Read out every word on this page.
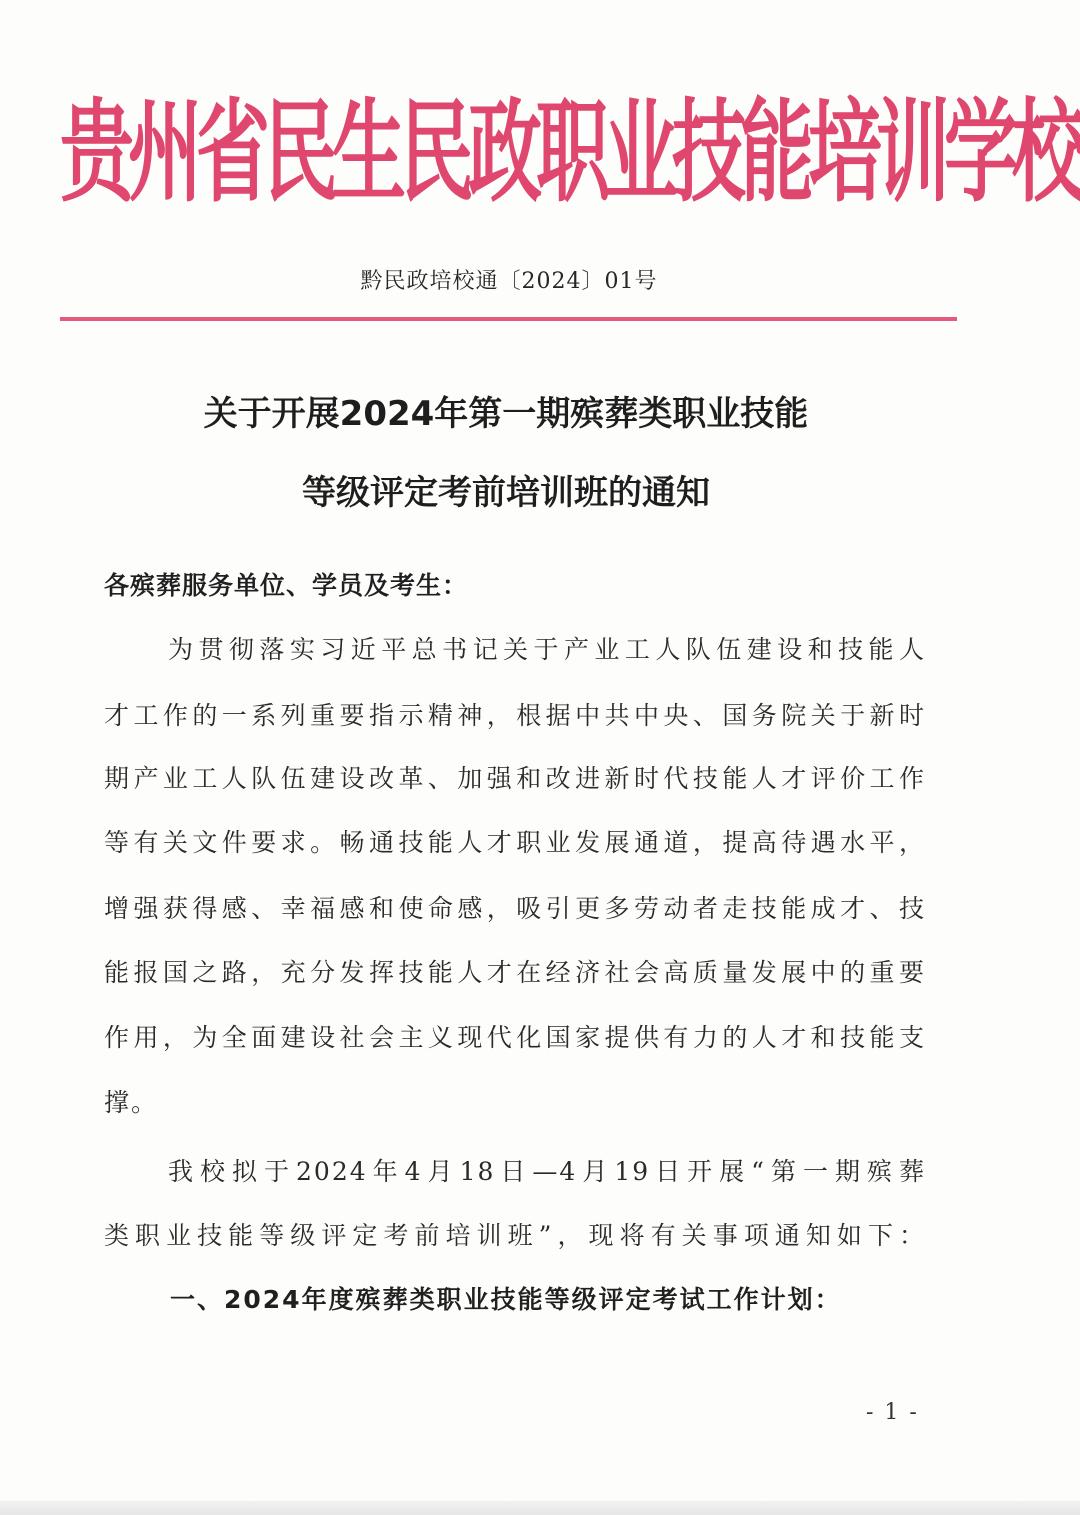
贵州省民生民政职业技能培训学校
黔民政培校通〔2024〕01号
关于开展2024年第一期殡葬类职业技能
等级评定考前培训班的通知
各殡葬服务单位、学员及考生：
为贯彻落实习近平总书记关于产业工人队伍建设和技能人
才工作的一系列重要指示精神，根据中共中央、国务院关于新时
期产业工人队伍建设改革、加强和改进新时代技能人才评价工作
等有关文件要求。畅通技能人才职业发展通道，提高待遇水平，
增强获得感、幸福感和使命感，吸引更多劳动者走技能成才、技
能报国之路，充分发挥技能人才在经济社会高质量发展中的重要
作用，为全面建设社会主义现代化国家提供有力的人才和技能支
撑。
我校拟于2024年4月18日—4月19日开展“第一期殡葬
类职业技能等级评定考前培训班”，现将有关事项通知如下：
一、2024年度殡葬类职业技能等级评定考试工作计划：
- 1 -
